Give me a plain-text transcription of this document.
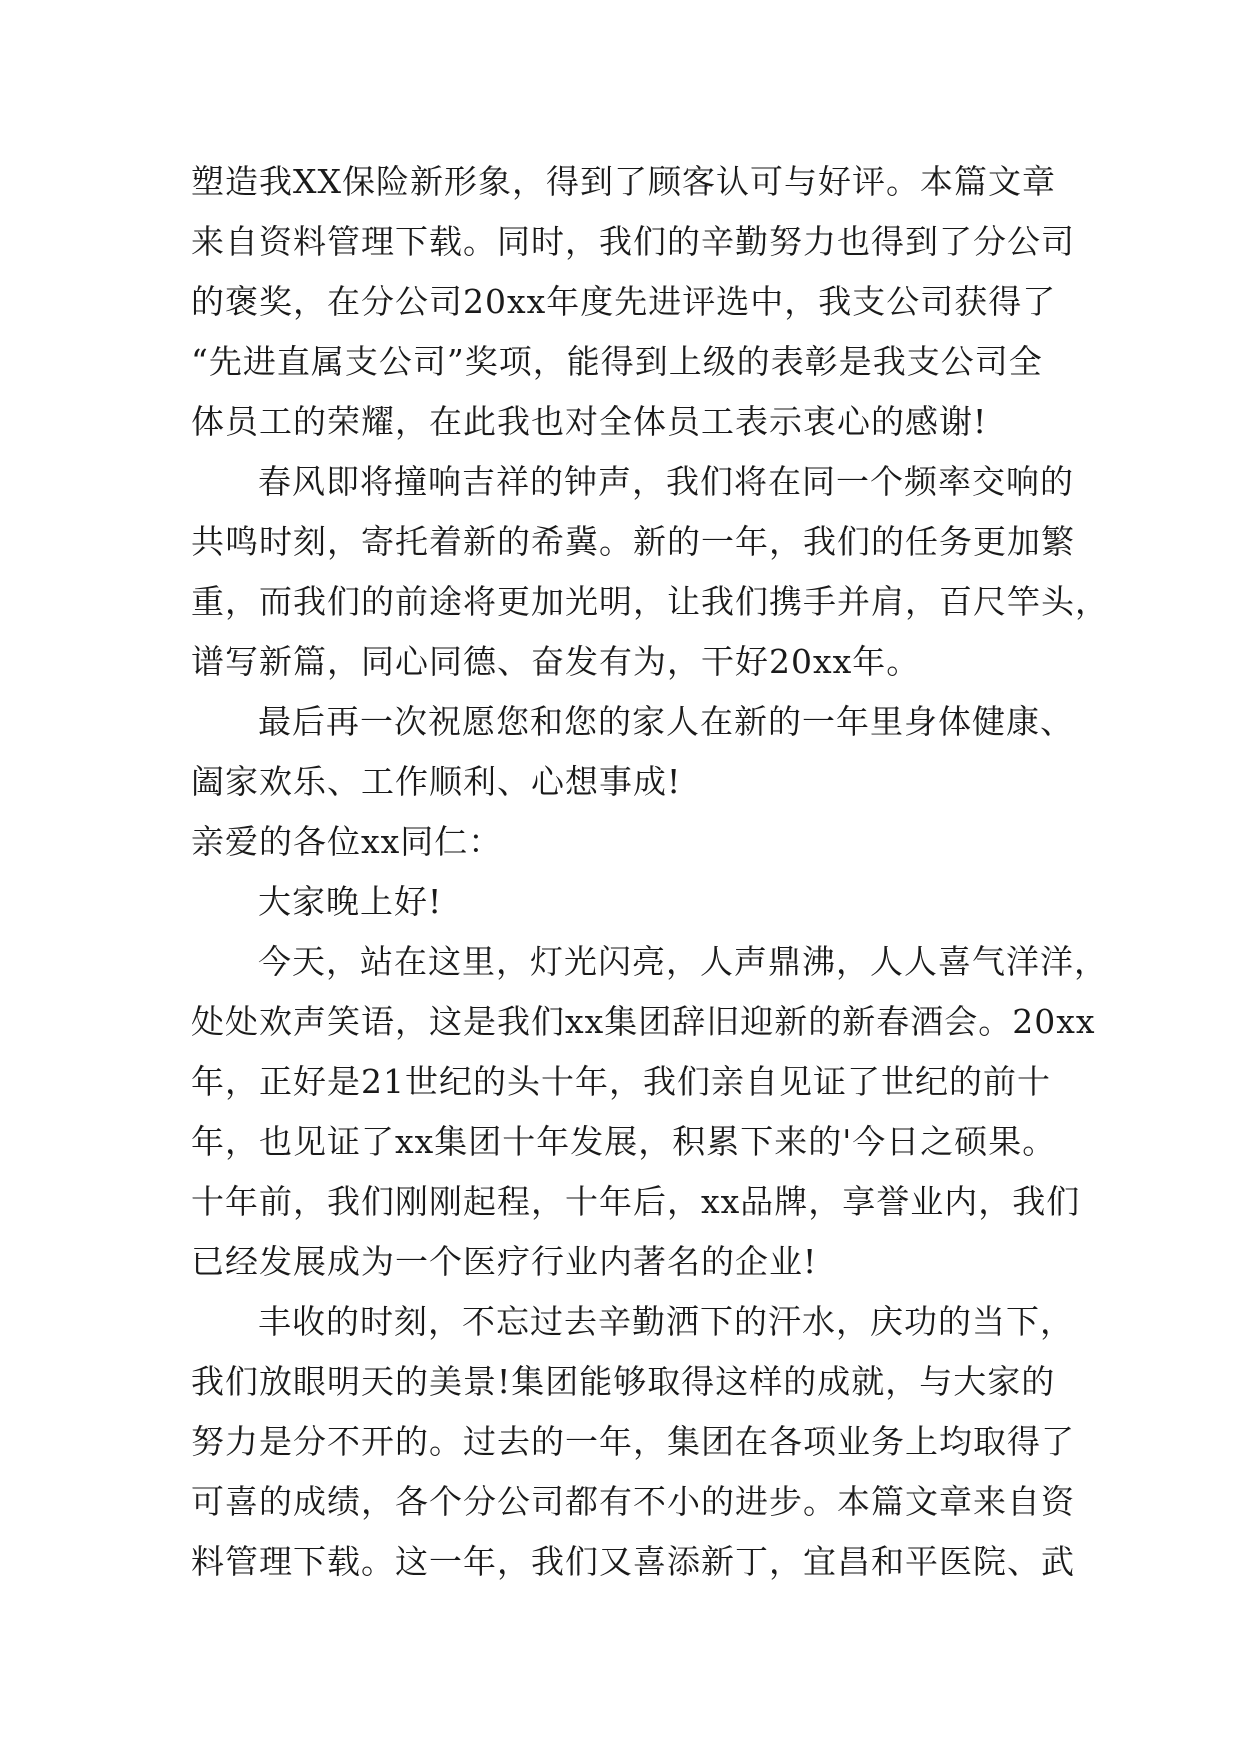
塑造我XX保险新形象，得到了顾客认可与好评。本篇文章
来自资料管理下载。同时，我们的辛勤努力也得到了分公司
的褒奖，在分公司20xx年度先进评选中，我支公司获得了
“先进直属支公司”奖项，能得到上级的表彰是我支公司全
体员工的荣耀，在此我也对全体员工表示衷心的感谢!
春风即将撞响吉祥的钟声，我们将在同一个频率交响的
共鸣时刻，寄托着新的希冀。新的一年，我们的任务更加繁
重，而我们的前途将更加光明，让我们携手并肩，百尺竿头，
谱写新篇，同心同德、奋发有为，干好20xx年。
最后再一次祝愿您和您的家人在新的一年里身体健康、
阖家欢乐、工作顺利、心想事成!
亲爱的各位xx同仁：
大家晚上好!
今天，站在这里，灯光闪亮，人声鼎沸，人人喜气洋洋，
处处欢声笑语，这是我们xx集团辞旧迎新的新春酒会。20xx
年，正好是21世纪的头十年，我们亲自见证了世纪的前十
年，也见证了xx集团十年发展，积累下来的'今日之硕果。
十年前，我们刚刚起程，十年后，xx品牌，享誉业内，我们
已经发展成为一个医疗行业内著名的企业!
丰收的时刻，不忘过去辛勤洒下的汗水，庆功的当下，
我们放眼明天的美景!集团能够取得这样的成就，与大家的
努力是分不开的。过去的一年，集团在各项业务上均取得了
可喜的成绩，各个分公司都有不小的进步。本篇文章来自资
料管理下载。这一年，我们又喜添新丁，宜昌和平医院、武
